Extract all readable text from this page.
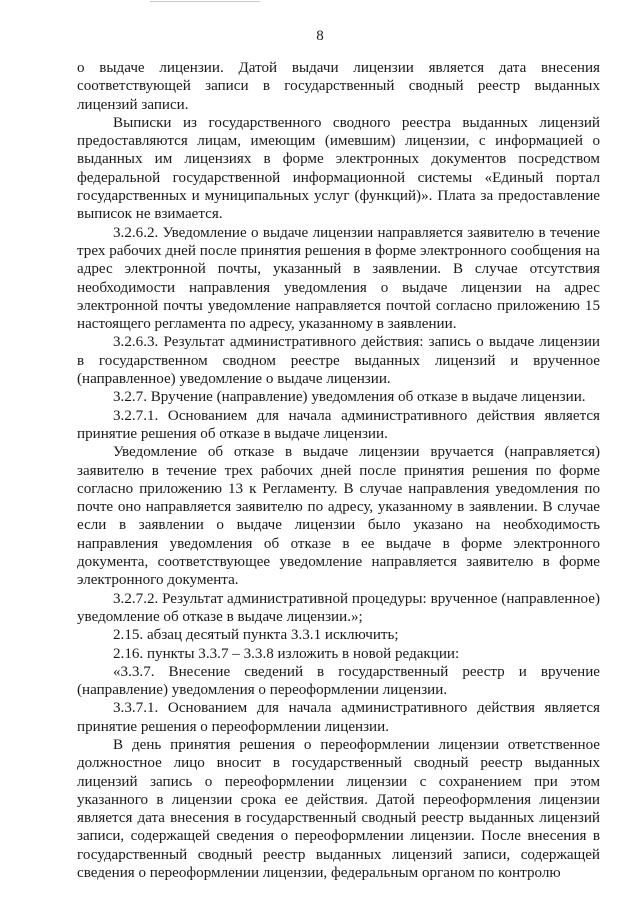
8

о выдаче лицензии. Датой выдачи лицензии является дата внесения соответствующей записи в государственный сводный реестр выданных лицензий записи.

Выписки из государственного сводного реестра выданных лицензий предоставляются лицам, имеющим (имевшим) лицензии, с информацией о выданных им лицензиях в форме электронных документов посредством федеральной государственной информационной системы «Единый портал государственных и муниципальных услуг (функций)». Плата за предоставление выписок не взимается.

3.2.6.2. Уведомление о выдаче лицензии направляется заявителю в течение трех рабочих дней после принятия решения в форме электронного сообщения на адрес электронной почты, указанный в заявлении. В случае отсутствия необходимости направления уведомления о выдаче лицензии на адрес электронной почты уведомление направляется почтой согласно приложению 15 настоящего регламента по адресу, указанному в заявлении.

3.2.6.3. Результат административного действия: запись о выдаче лицензии в государственном сводном реестре выданных лицензий и врученное (направленное) уведомление о выдаче лицензии.

3.2.7. Вручение (направление) уведомления об отказе в выдаче лицензии.

3.2.7.1. Основанием для начала административного действия является принятие решения об отказе в выдаче лицензии.

Уведомление об отказе в выдаче лицензии вручается (направляется) заявителю в течение трех рабочих дней после принятия решения по форме согласно приложению 13 к Регламенту. В случае направления уведомления по почте оно направляется заявителю по адресу, указанному в заявлении. В случае если в заявлении о выдаче лицензии было указано на необходимость направления уведомления об отказе в ее выдаче в форме электронного документа, соответствующее уведомление направляется заявителю в форме электронного документа.

3.2.7.2. Результат административной процедуры: врученное (направленное) уведомление об отказе в выдаче лицензии.»;

2.15. абзац десятый пункта 3.3.1 исключить;

2.16. пункты 3.3.7 – 3.3.8 изложить в новой редакции:

«3.3.7. Внесение сведений в государственный реестр и вручение (направление) уведомления о переоформлении лицензии.

3.3.7.1. Основанием для начала административного действия является принятие решения о переоформлении лицензии.

В день принятия решения о переоформлении лицензии ответственное должностное лицо вносит в государственный сводный реестр выданных лицензий запись о переоформлении лицензии с сохранением при этом указанного в лицензии срока ее действия. Датой переоформления лицензии является дата внесения в государственный сводный реестр выданных лицензий записи, содержащей сведения о переоформлении лицензии. После внесения в государственный сводный реестр выданных лицензий записи, содержащей сведения о переоформлении лицензии, федеральным органом по контролю
